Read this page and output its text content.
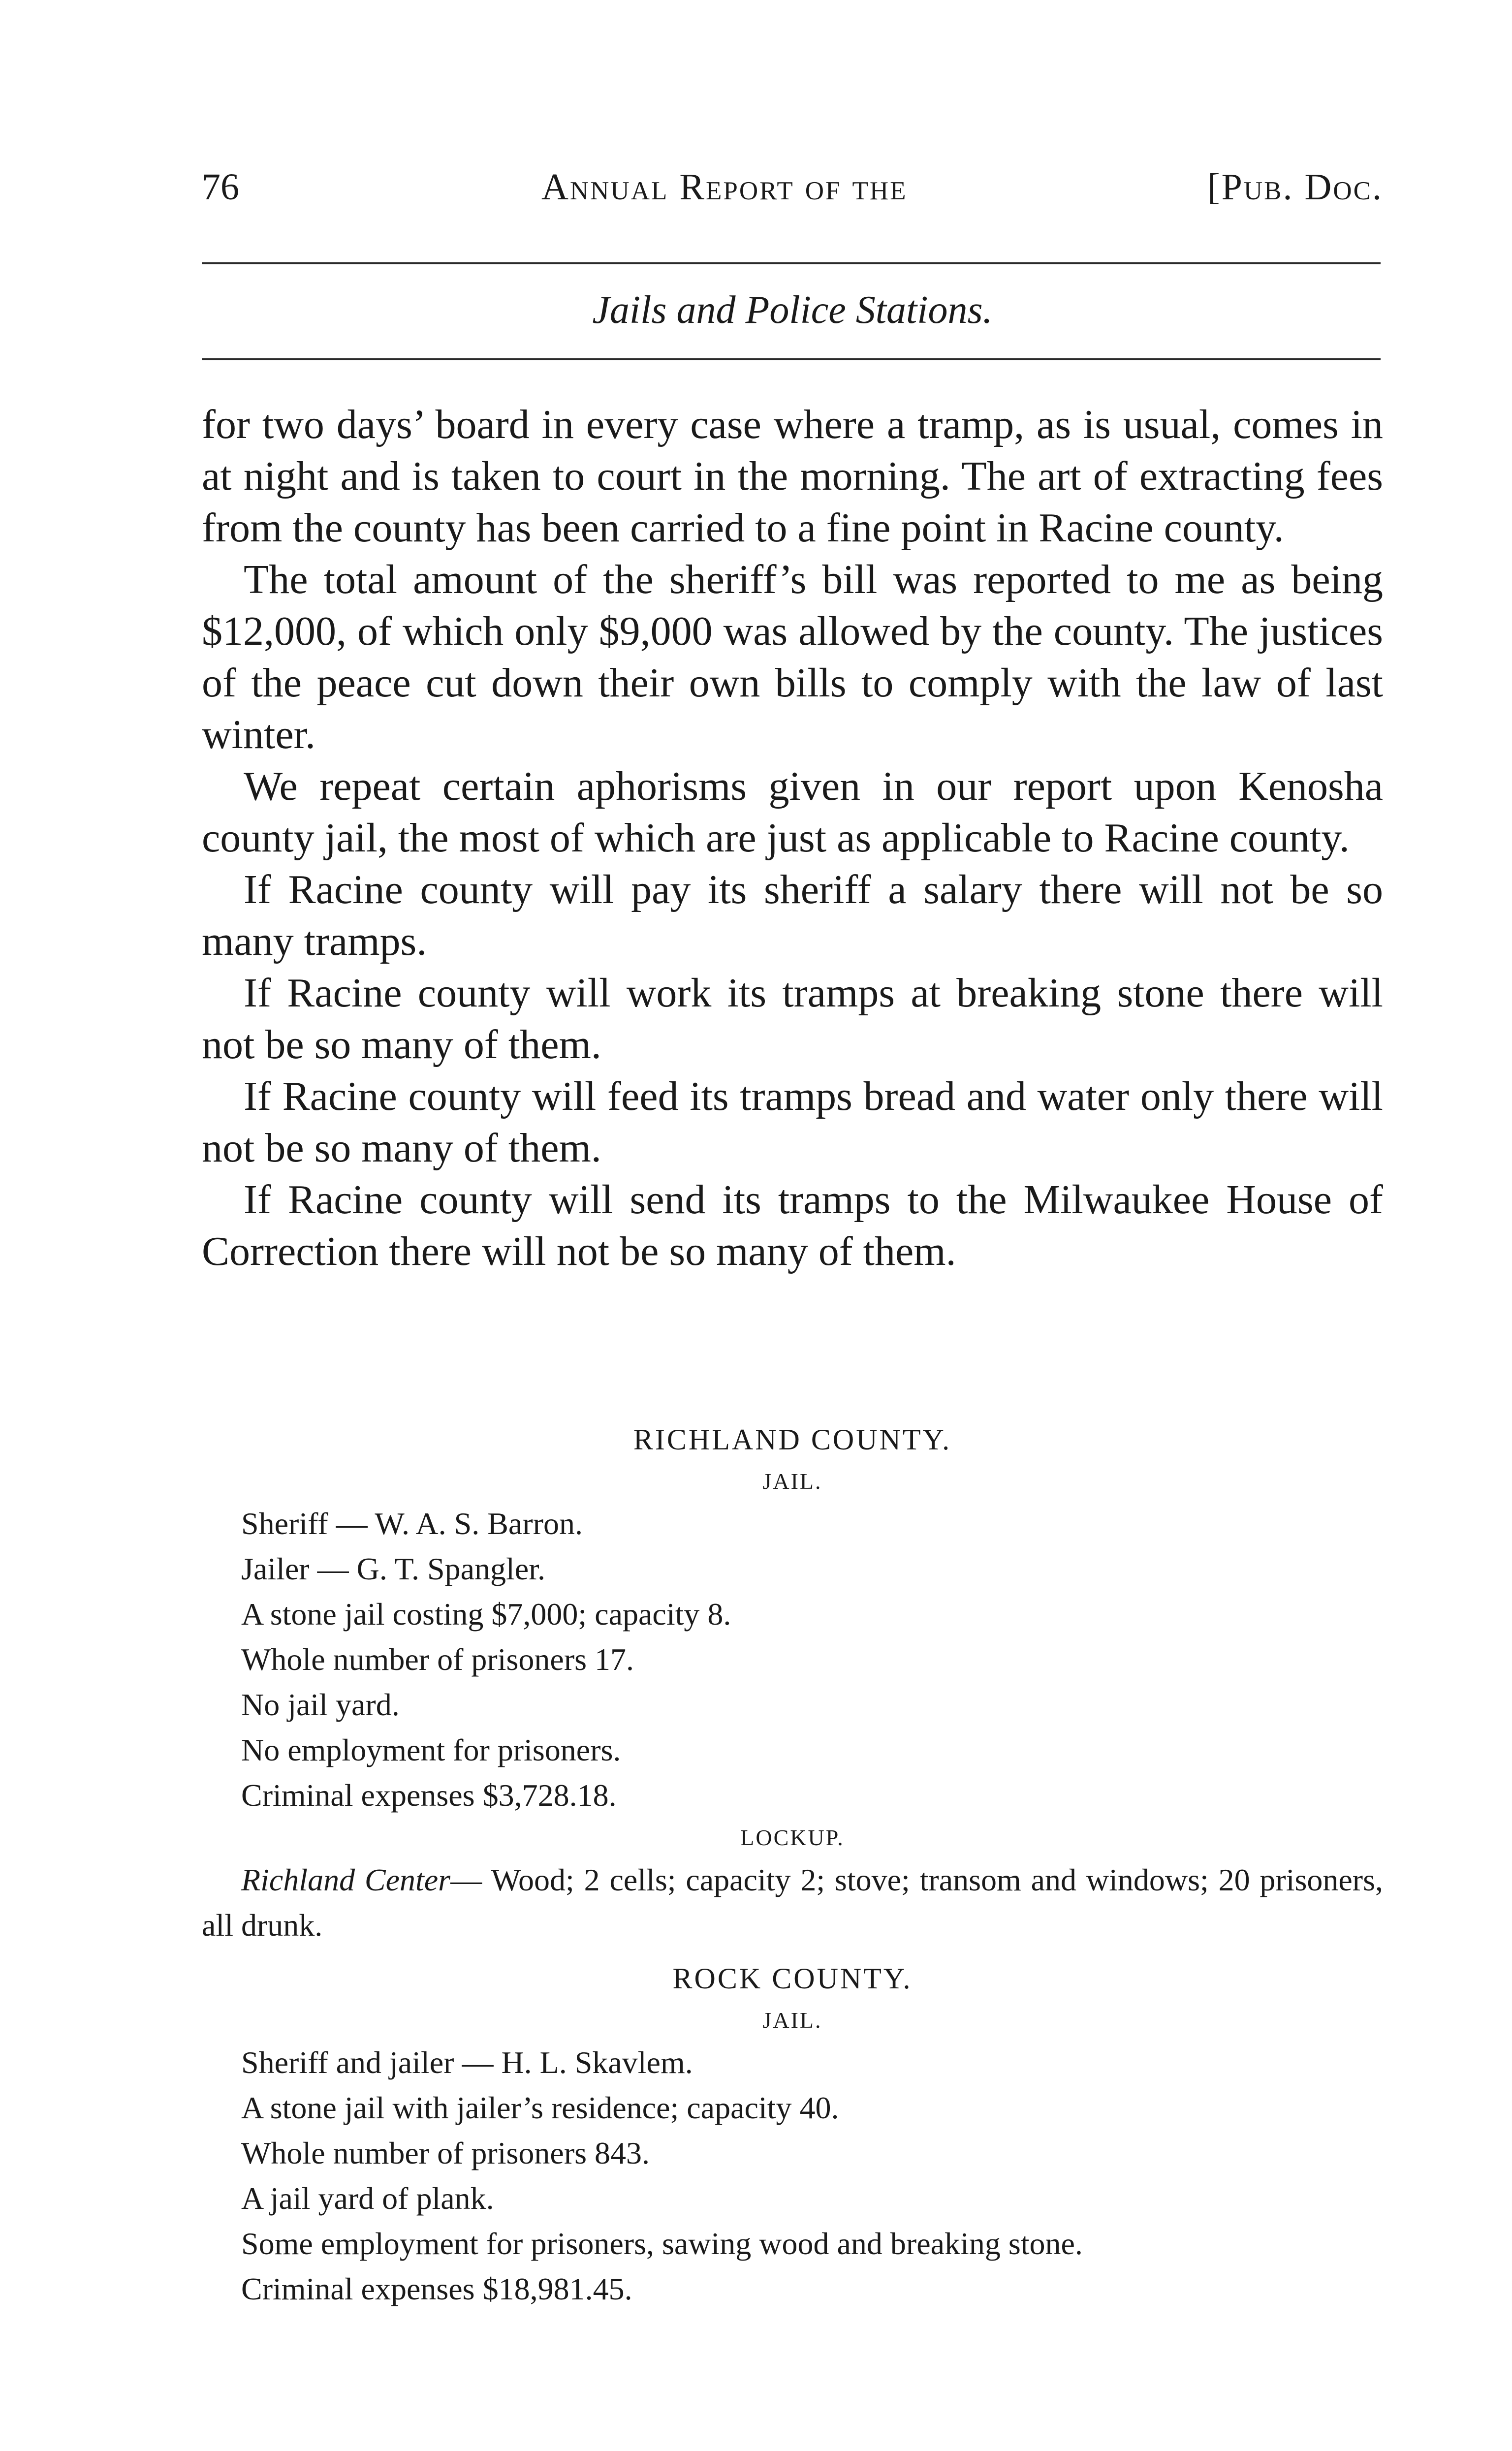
76	Annual Report of the	[Pub. Doc.
Jails and Police Stations.

for two days’ board in every case where a tramp, as is usual, comes in at night and is taken to court in the morning. The art of extracting fees from the county has been carried to a fine point in Racine county.

The total amount of the sheriff’s bill was reported to me as being $12,000, of which only $9,000 was allowed by the county. The justices of the peace cut down their own bills to comply with the law of last winter.

We repeat certain aphorisms given in our report upon Kenosha county jail, the most of which are just as applicable to Racine county.

If Racine county will pay its sheriff a salary there will not be so many tramps.

If Racine county will work its tramps at breaking stone there will not be so many of them.

If Racine county will feed its tramps bread and water only there will not be so many of them.

If Racine county will send its tramps to the Milwaukee House of Correction there will not be so many of them.

RICHLAND COUNTY.
JAIL.
Sheriff — W. A. S. Barron.
Jailer — G. T. Spangler.
A stone jail costing $7,000; capacity 8.
Whole number of prisoners 17.
No jail yard.
No employment for prisoners.
Criminal expenses $3,728.18.
LOCKUP.

Richland Center— Wood; 2 cells; capacity 2; stove; transom and windows; 20 prisoners, all drunk.

ROCK COUNTY.
JAIL.
Sheriff and jailer — H. L. Skavlem.
A stone jail with jailer’s residence; capacity 40.
Whole number of prisoners 843.
A jail yard of plank.
Some employment for prisoners, sawing wood and breaking stone.
Criminal expenses $18,981.45.
